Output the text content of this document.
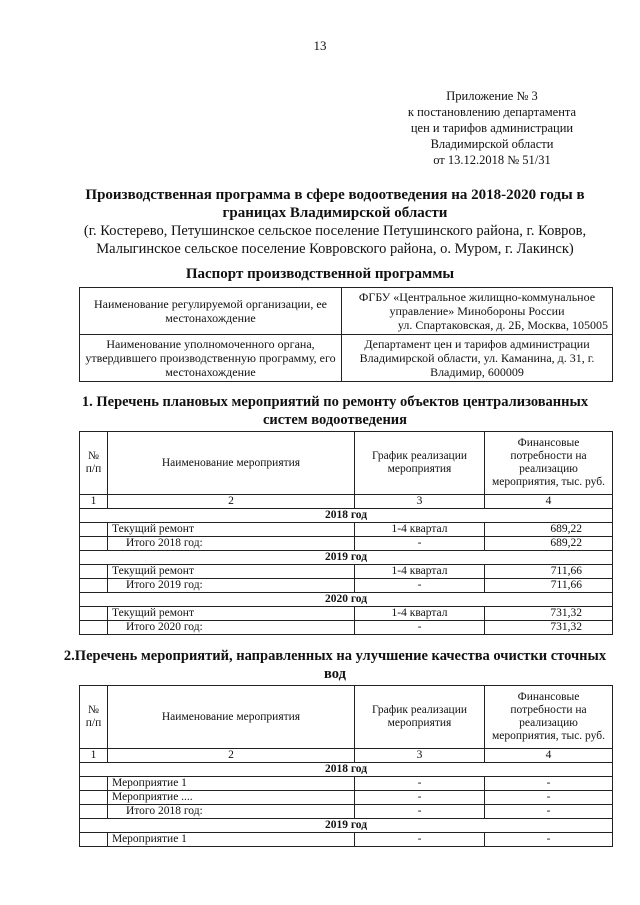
13
Приложение № 3
к постановлению департамента
цен и тарифов администрации
Владимирской области
от 13.12.2018 № 51/31
Производственная программа в сфере водоотведения на 2018-2020 годы в границах Владимирской области
(г. Костерево, Петушинское сельское поселение Петушинского района, г. Ковров, Малыгинское сельское поселение Ковровского района, о. Муром, г. Лакинск)
Паспорт производственной программы
Наименование регулируемой организации, ее местонахождение	ФГБУ «Центральное жилищно-коммунальное управление» Минобороны России
ул. Спартаковская, д. 2Б, Москва, 105005

Наименование уполномоченного органа, утвердившего производственную программу, его местонахождение	Департамент цен и тарифов администрации Владимирской области, ул. Каманина, д. 31, г. Владимир, 600009
1. Перечень плановых мероприятий по ремонту объектов централизованных систем водоотведения
№ п/п	Наименование мероприятия	График реализации мероприятия	Финансовые потребности на реализацию мероприятия, тыс. руб.
1	2	3	4
2018 год			
	Текущий ремонт	1-4 квартал	689,22
	Итого 2018 год:	-	689,22
2019 год			
	Текущий ремонт	1-4 квартал	711,66
	Итого 2019 год:	-	711,66
2020 год			
	Текущий ремонт	1-4 квартал	731,32
	Итого 2020 год:	-	731,32
2.Перечень мероприятий, направленных на улучшение качества очистки сточных вод
№ п/п	Наименование мероприятия	График реализации мероприятия	Финансовые потребности на реализацию мероприятия, тыс. руб.
1	2	3	4
2018 год			
	Мероприятие 1	-	-
	Мероприятие ....	-	-
	Итого 2018 год:	-	-
2019 год			
	Мероприятие 1	-	-
